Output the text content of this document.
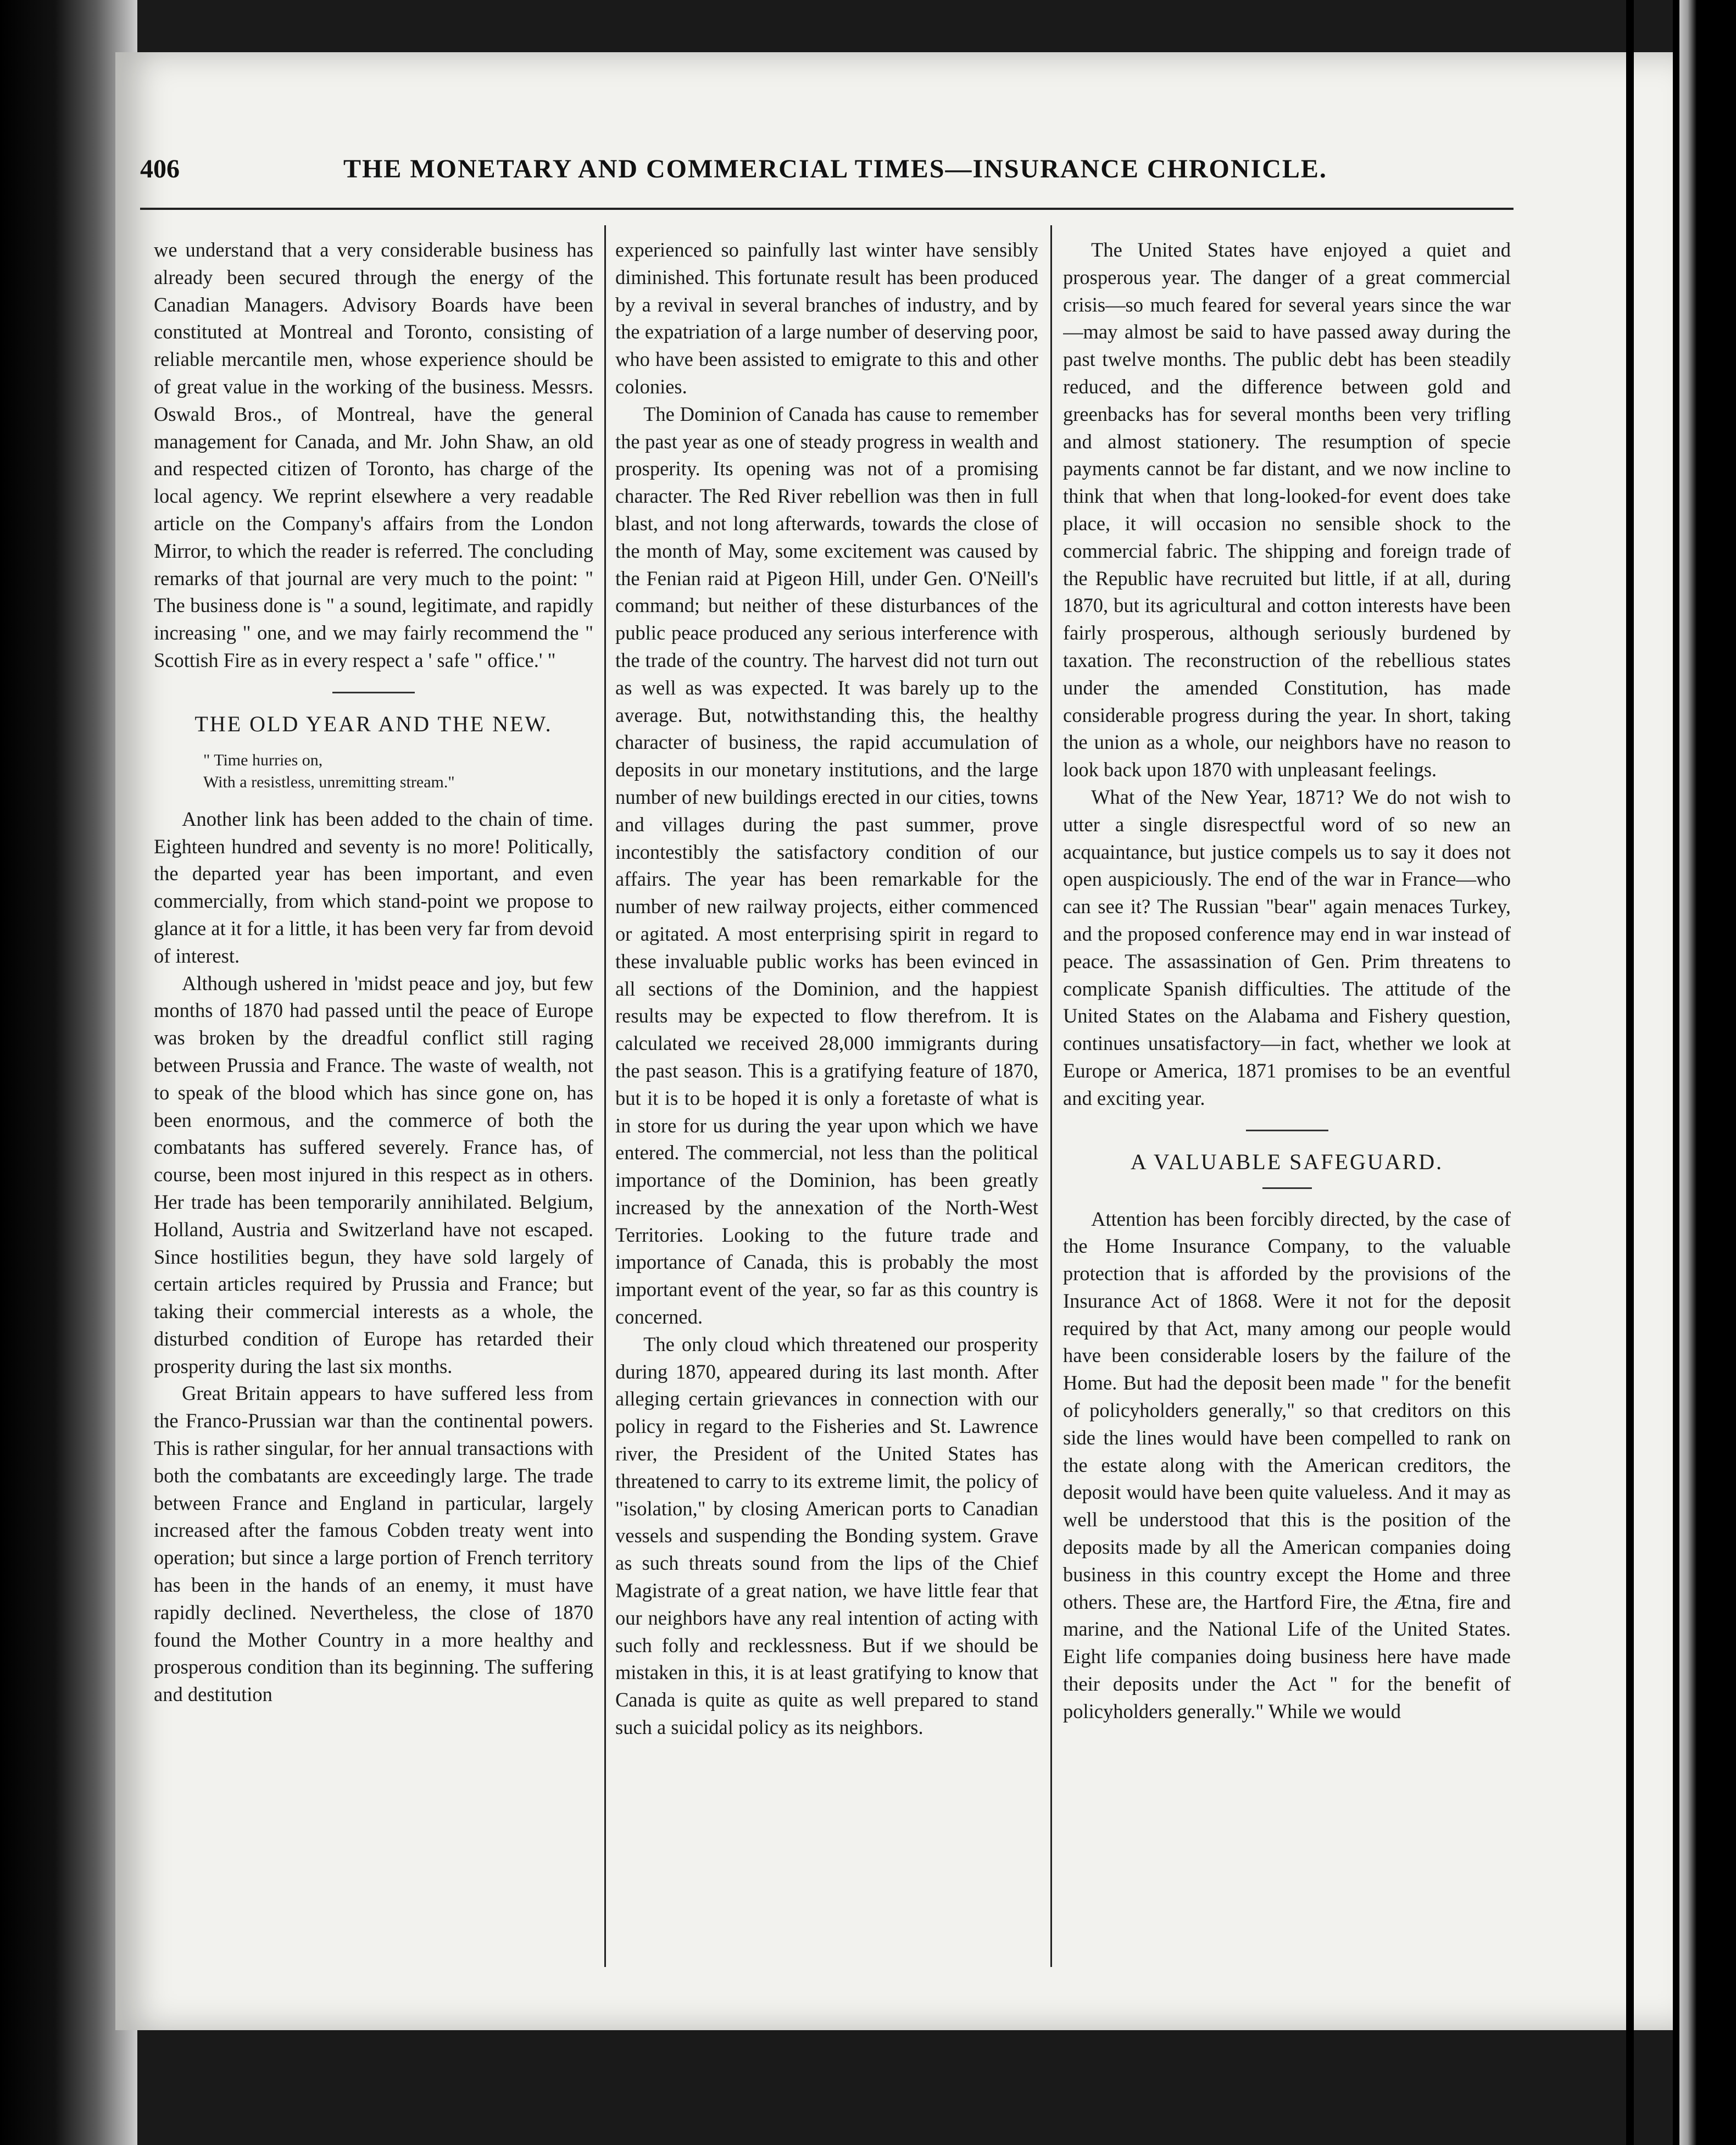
406	THE MONETARY AND COMMERCIAL TIMES—INSURANCE CHRONICLE.

we understand that a very considerable business has already been secured through the energy of the Canadian Managers. Advisory Boards have been constituted at Montreal and Toronto, consisting of reliable mercantile men, whose experience should be of great value in the working of the business. Messrs. Oswald Bros., of Montreal, have the general management for Canada, and Mr. John Shaw, an old and respected citizen of Toronto, has charge of the local agency. We reprint elsewhere a very readable article on the Company's affairs from the London Mirror, to which the reader is referred. The concluding remarks of that journal are very much to the point: " The business done is " a sound, legitimate, and rapidly increasing " one, and we may fairly recommend the " Scottish Fire as in every respect a ' safe " office.' "

THE OLD YEAR AND THE NEW.
" Time hurries on,
With a resistless, unremitting stream."

Another link has been added to the chain of time. Eighteen hundred and seventy is no more! Politically, the departed year has been important, and even commercially, from which stand-point we propose to glance at it for a little, it has been very far from devoid of interest.

Although ushered in 'midst peace and joy, but few months of 1870 had passed until the peace of Europe was broken by the dreadful conflict still raging between Prussia and France. The waste of wealth, not to speak of the blood which has since gone on, has been enormous, and the commerce of both the combatants has suffered severely. France has, of course, been most injured in this respect as in others. Her trade has been temporarily annihilated. Belgium, Holland, Austria and Switzerland have not escaped. Since hostilities begun, they have sold largely of certain articles required by Prussia and France; but taking their commercial interests as a whole, the disturbed condition of Europe has retarded their prosperity during the last six months.

Great Britain appears to have suffered less from the Franco-Prussian war than the continental powers. This is rather singular, for her annual transactions with both the combatants are exceedingly large. The trade between France and England in particular, largely increased after the famous Cobden treaty went into operation; but since a large portion of French territory has been in the hands of an enemy, it must have rapidly declined. Nevertheless, the close of 1870 found the Mother Country in a more healthy and prosperous condition than its beginning. The suffering and destitution

experienced so painfully last winter have sensibly diminished. This fortunate result has been produced by a revival in several branches of industry, and by the expatriation of a large number of deserving poor, who have been assisted to emigrate to this and other colonies.

The Dominion of Canada has cause to remember the past year as one of steady progress in wealth and prosperity. Its opening was not of a promising character. The Red River rebellion was then in full blast, and not long afterwards, towards the close of the month of May, some excitement was caused by the Fenian raid at Pigeon Hill, under Gen. O'Neill's command; but neither of these disturbances of the public peace produced any serious interference with the trade of the country. The harvest did not turn out as well as was expected. It was barely up to the average. But, notwithstanding this, the healthy character of business, the rapid accumulation of deposits in our monetary institutions, and the large number of new buildings erected in our cities, towns and villages during the past summer, prove incontestibly the satisfactory condition of our affairs. The year has been remarkable for the number of new railway projects, either commenced or agitated. A most enterprising spirit in regard to these invaluable public works has been evinced in all sections of the Dominion, and the happiest results may be expected to flow therefrom. It is calculated we received 28,000 immigrants during the past season. This is a gratifying feature of 1870, but it is to be hoped it is only a foretaste of what is in store for us during the year upon which we have entered. The commercial, not less than the political importance of the Dominion, has been greatly increased by the annexation of the North-West Territories. Looking to the future trade and importance of Canada, this is probably the most important event of the year, so far as this country is concerned.

The only cloud which threatened our prosperity during 1870, appeared during its last month. After alleging certain grievances in connection with our policy in regard to the Fisheries and St. Lawrence river, the President of the United States has threatened to carry to its extreme limit, the policy of "isolation," by closing American ports to Canadian vessels and suspending the Bonding system. Grave as such threats sound from the lips of the Chief Magistrate of a great nation, we have little fear that our neighbors have any real intention of acting with such folly and recklessness. But if we should be mistaken in this, it is at least gratifying to know that Canada is quite as quite as well prepared to stand such a suicidal policy as its neighbors.

The United States have enjoyed a quiet and prosperous year. The danger of a great commercial crisis—so much feared for several years since the war—may almost be said to have passed away during the past twelve months. The public debt has been steadily reduced, and the difference between gold and greenbacks has for several months been very trifling and almost stationery. The resumption of specie payments cannot be far distant, and we now incline to think that when that long-looked-for event does take place, it will occasion no sensible shock to the commercial fabric. The shipping and foreign trade of the Republic have recruited but little, if at all, during 1870, but its agricultural and cotton interests have been fairly prosperous, although seriously burdened by taxation. The reconstruction of the rebellious states under the amended Constitution, has made considerable progress during the year. In short, taking the union as a whole, our neighbors have no reason to look back upon 1870 with unpleasant feelings.

What of the New Year, 1871? We do not wish to utter a single disrespectful word of so new an acquaintance, but justice compels us to say it does not open auspiciously. The end of the war in France—who can see it? The Russian "bear" again menaces Turkey, and the proposed conference may end in war instead of peace. The assassination of Gen. Prim threatens to complicate Spanish difficulties. The attitude of the United States on the Alabama and Fishery question, continues unsatisfactory—in fact, whether we look at Europe or America, 1871 promises to be an eventful and exciting year.

A VALUABLE SAFEGUARD.

Attention has been forcibly directed, by the case of the Home Insurance Company, to the valuable protection that is afforded by the provisions of the Insurance Act of 1868. Were it not for the deposit required by that Act, many among our people would have been considerable losers by the failure of the Home. But had the deposit been made " for the benefit of policyholders generally," so that creditors on this side the lines would have been compelled to rank on the estate along with the American creditors, the deposit would have been quite valueless. And it may as well be understood that this is the position of the deposits made by all the American companies doing business in this country except the Home and three others. These are, the Hartford Fire, the Ætna, fire and marine, and the National Life of the United States. Eight life companies doing business here have made their deposits under the Act " for the benefit of policyholders generally." While we would
